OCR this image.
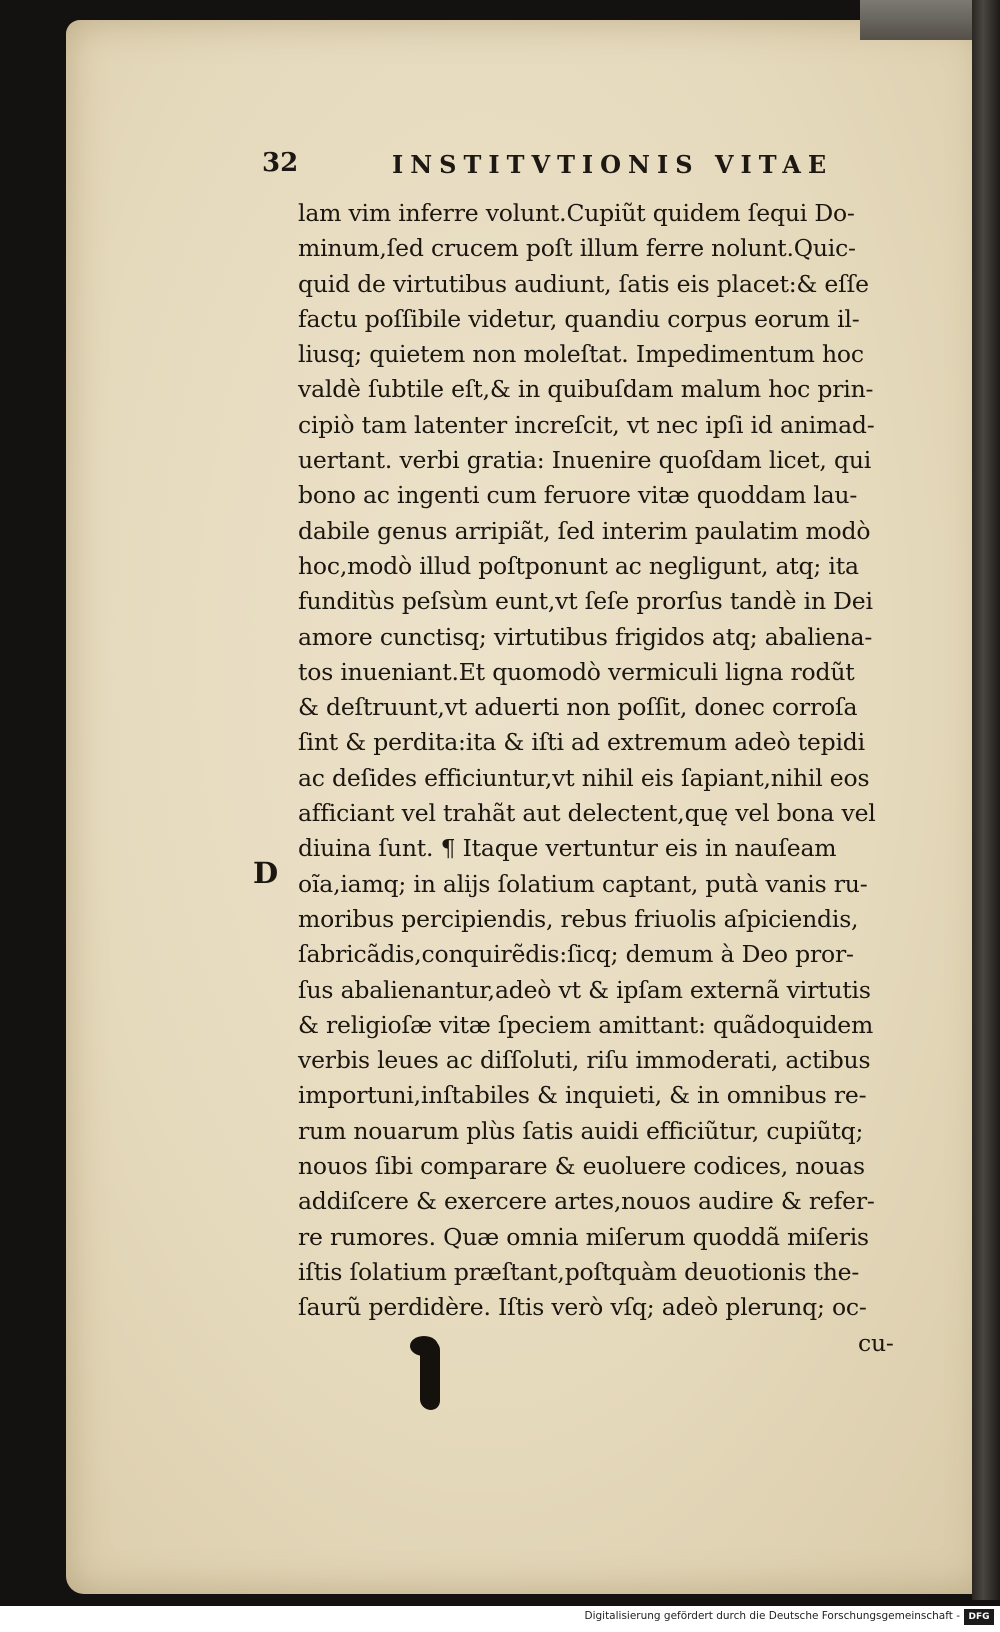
32	INSTITVTIONIS VITAE
D
lam vim inferre volunt.Cupiũt quidem ſequi Do-
minum,ſed crucem poſt illum ferre nolunt.Quic-
quid de virtutibus audiunt, ſatis eis placet:& eſſe
factu poſſibile videtur, quandiu corpus eorum il-
liusq; quietem non moleſtat. Impedimentum hoc
valdè ſubtile eſt,& in quibuſdam malum hoc prin-
cipiò tam latenter increſcit, vt nec ipſi id animad-
uertant. verbi gratia: Inuenire quoſdam licet, qui
bono ac ingenti cum feruore vitæ quoddam lau-
dabile genus arripiãt, ſed interim paulatim modò
hoc,modò illud poſtponunt ac negligunt, atq; ita
funditùs peſsùm eunt,vt ſeſe prorſus tandè in Dei
amore cunctisq; virtutibus frigidos atq; abaliena-
tos inueniant.Et quomodò vermiculi ligna rodũt
& deſtruunt,vt aduerti non poſſit, donec corroſa
ſint & perdita:ita & iſti ad extremum adeò tepidi
ac deſides efficiuntur,vt nihil eis ſapiant,nihil eos
afficiant vel trahãt aut delectent,quę vel bona vel
diuina ſunt. ¶ Itaque vertuntur eis in nauſeam
oĩa,iamq; in alijs ſolatium captant, putà vanis ru-
moribus percipiendis, rebus friuolis aſpiciendis,
ſabricãdis,conquirẽdis:ſicq; demum à Deo pror-
ſus abalienantur,adeò vt & ipſam externã virtutis
& religioſæ vitæ ſpeciem amittant: quãdoquidem
verbis leues ac diſſoluti, riſu immoderati, actibus
importuni,inſtabiles & inquieti, & in omnibus re-
rum nouarum plùs ſatis auidi efficiũtur, cupiũtq;
nouos ſibi comparare & euoluere codices, nouas
addiſcere & exercere artes,nouos audire & refer-
re rumores. Quæ omnia miſerum quoddã miſeris
iſtis ſolatium præſtant,poſtquàm deuotionis the-
ſaurũ perdidère. Iſtis verò vſq; adeò plerunq; oc-
cu-
Digitalisierung gefördert durch die Deutsche Forschungsgemeinschaft - DFG
